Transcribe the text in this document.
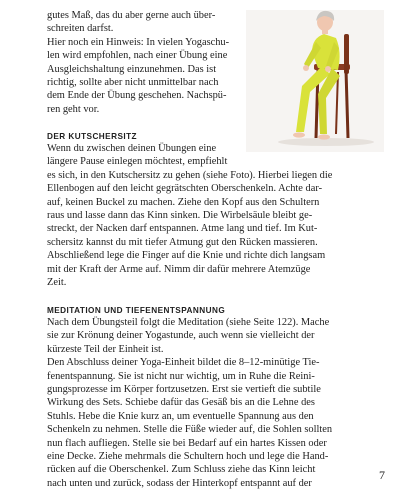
gutes Maß, das du aber gerne auch über-
schreiten darfst.
Hier noch ein Hinweis: In vielen Yogaschu-
len wird empfohlen, nach einer Übung eine
Ausgleichshaltung einzunehmen. Das ist
richtig, sollte aber nicht unmittelbar nach
dem Ende der Übung geschehen. Nachspü-
ren geht vor.
DER KUTSCHERSITZ
Wenn du zwischen deinen Übungen eine
längere Pause einlegen möchtest, empfiehlt
es sich, in den Kutschersitz zu gehen (siehe Foto). Hierbei liegen die
Ellenbogen auf den leicht gegrätschten Oberschenkeln. Achte dar-
auf, keinen Buckel zu machen. Ziehe den Kopf aus den Schultern
raus und lasse dann das Kinn sinken. Die Wirbelsäule bleibt ge-
streckt, der Nacken darf entspannen. Atme lang und tief. Im Kut-
schersitz kannst du mit tiefer Atmung gut den Rücken massieren.
Abschließend lege die Finger auf die Knie und richte dich langsam
mit der Kraft der Arme auf. Nimm dir dafür mehrere Atemzüge
Zeit.
MEDITATION UND TIEFENENTSPANNUNG
Nach dem Übungsteil folgt die Meditation (siehe Seite 122). Mache
sie zur Krönung deiner Yogastunde, auch wenn sie vielleicht der
kürzeste Teil der Einheit ist.
Den Abschluss deiner Yoga-Einheit bildet die 8–12-minütige Tie-
fenentspannung. Sie ist nicht nur wichtig, um in Ruhe die Reini-
gungsprozesse im Körper fortzusetzen. Erst sie vertieft die subtile
Wirkung des Sets. Schiebe dafür das Gesäß bis an die Lehne des
Stuhls. Hebe die Knie kurz an, um eventuelle Spannung aus den
Schenkeln zu nehmen. Stelle die Füße wieder auf, die Sohlen sollten
nun flach aufliegen. Stelle sie bei Bedarf auf ein hartes Kissen oder
eine Decke. Ziehe mehrmals die Schultern hoch und lege die Hand-
rücken auf die Oberschenkel. Zum Schluss ziehe das Kinn leicht
nach unten und zurück, sodass der Hinterkopf entspannt auf der
7
